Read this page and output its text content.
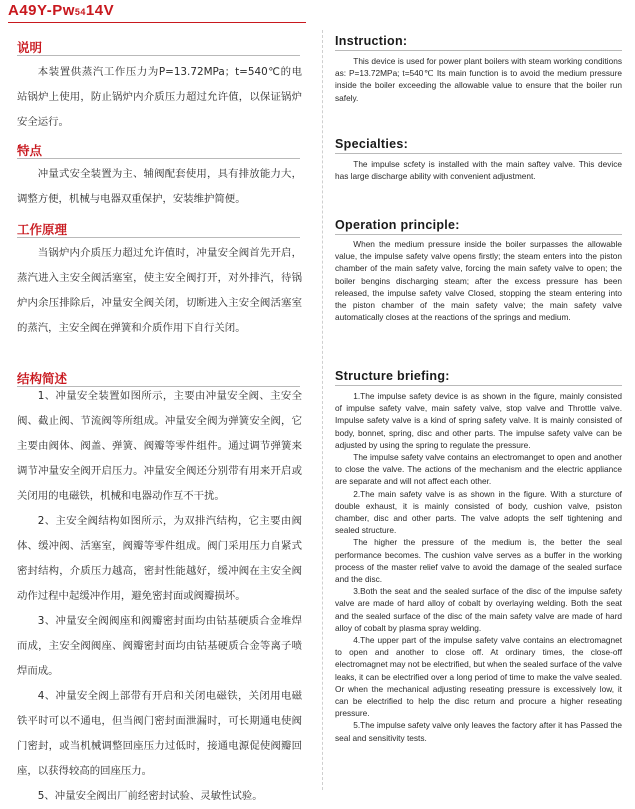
A49Y-Pw5414V
说明

本装置供蒸汽工作压力为P=13.72MPa；t=540℃的电站锅炉上使用，防止锅炉内介质压力超过允许值，以保证锅炉安全运行。

特点

冲量式安全装置为主、辅阀配套使用，具有排放能力大，调整方便，机械与电器双重保护，安装维护简便。

工作原理

当锅炉内介质压力超过允许值时，冲量安全阀首先开启，蒸汽进入主安全阀活塞室，使主安全阀打开，对外排汽，待锅炉内余压排除后，冲量安全阀关闭，切断进入主安全阀活塞室的蒸汽，主安全阀在弹簧和介质作用下自行关闭。

结构简述

1、冲量安全装置如图所示，主要由冲量安全阀、主安全阀、截止阀、节流阀等所组成。冲量安全阀为弹簧安全阀，它主要由阀体、阀盖、弹簧、阀瓣等零件组件。通过调节弹簧来调节冲量安全阀开启压力。冲量安全阀还分别带有用来开启或关闭用的电磁铁，机械和电器动作互不干扰。

2、主安全阀结构如图所示，为双排汽结构，它主要由阀体、缓冲阀、活塞室，阀瓣等零件组成。阀门采用压力自紧式密封结构，介质压力越高，密封性能越好，缓冲阀在主安全阀动作过程中起缓冲作用，避免密封面或阀瓣损坏。

3、冲量安全阀阀座和阀瓣密封面均由钴基硬质合金堆焊而成，主安全阀阀座、阀瓣密封面均由钴基硬质合金等离子喷焊而成。

4、冲量安全阀上部带有开启和关闭电磁铁，关闭用电磁铁平时可以不通电，但当阀门密封面泄漏时，可长期通电使阀门密封，或当机械调整回座压力过低时，接通电源促使阀瓣回座，以获得较高的回座压力。

5、冲量安全阀出厂前经密封试验、灵敏性试验。

Instruction:

This device is used for power plant boilers with steam working conditions as: P=13.72MPa; t=540℃ Its main function is to avoid the medium pressure inside the boiler exceeding the allowable value to ensure that the boiler run safely.

Specialties:

The impulse scfety is installed with the main saftey valve. This device has large discharge ability with convenient adjustment.

Operation principle:

When the medium pressure inside the boiler surpasses the allowable value, the impulse safety valve opens firstly; the steam enters into the piston chamber of the main safety valve, forcing the main safety valve to open; the boiler bengins discharging steam; after the excess pressure has been released, the impulse safety valve Closed, stopping the steam entering into the piston chamber of the main safety valve; the main safety valve automatically closes at the reactions of the springs and medium.

Structure briefing:

1.The impulse safety device is as shown in the figure, mainly consisted of impulse safety valve, main safety valve, stop valve and Throttle valve. Impulse safety valve is a kind of spring safety valve. It is mainly consisted of body, bonnet, spring, disc and other parts. The impulse safety valve can be adjusted by using the spring to regulate the pressure.

The impulse safety valve contains an electromanget to open and another to close the valve. The actions of the mechanism and the electric appliance are separate and will not affect each other.

2.The main safety valve is as shown in the figure. With a sturcture of double exhaust, it is mainly consisted of body, cushion valve, psiston chamber, disc and other parts. The valve adopts the self tightening and sealed structure.

The higher the pressure of the medium is, the better the seal performance becomes. The cushion valve serves as a buffer in the working process of the master relief valve to avoid the damage of the sealed surface and the disc.

3.Both the seat and the sealed surface of the disc of the impulse safety valve are made of hard alloy of cobalt by overlaying welding. Both the seat and the sealed surface of the disc of the main safety valve are made of hard alloy of cobalt by plasma spray welding.

4.The upper part of the impulse safety valve contains an electromagnet to open and another to close off. At ordinary times, the close-off electromagnet may not be electrified, but when the sealed surface of the valve leaks, it can be electrified over a long period of time to make the valve sealed. Or when the mechanical adjusting reseating pressure is excessively low, it can be electrified to help the disc return and procure a higher reseating pressure.

5.The impulse safety valve only leaves the factory after it has Passed the seal and sensitivity tests.
